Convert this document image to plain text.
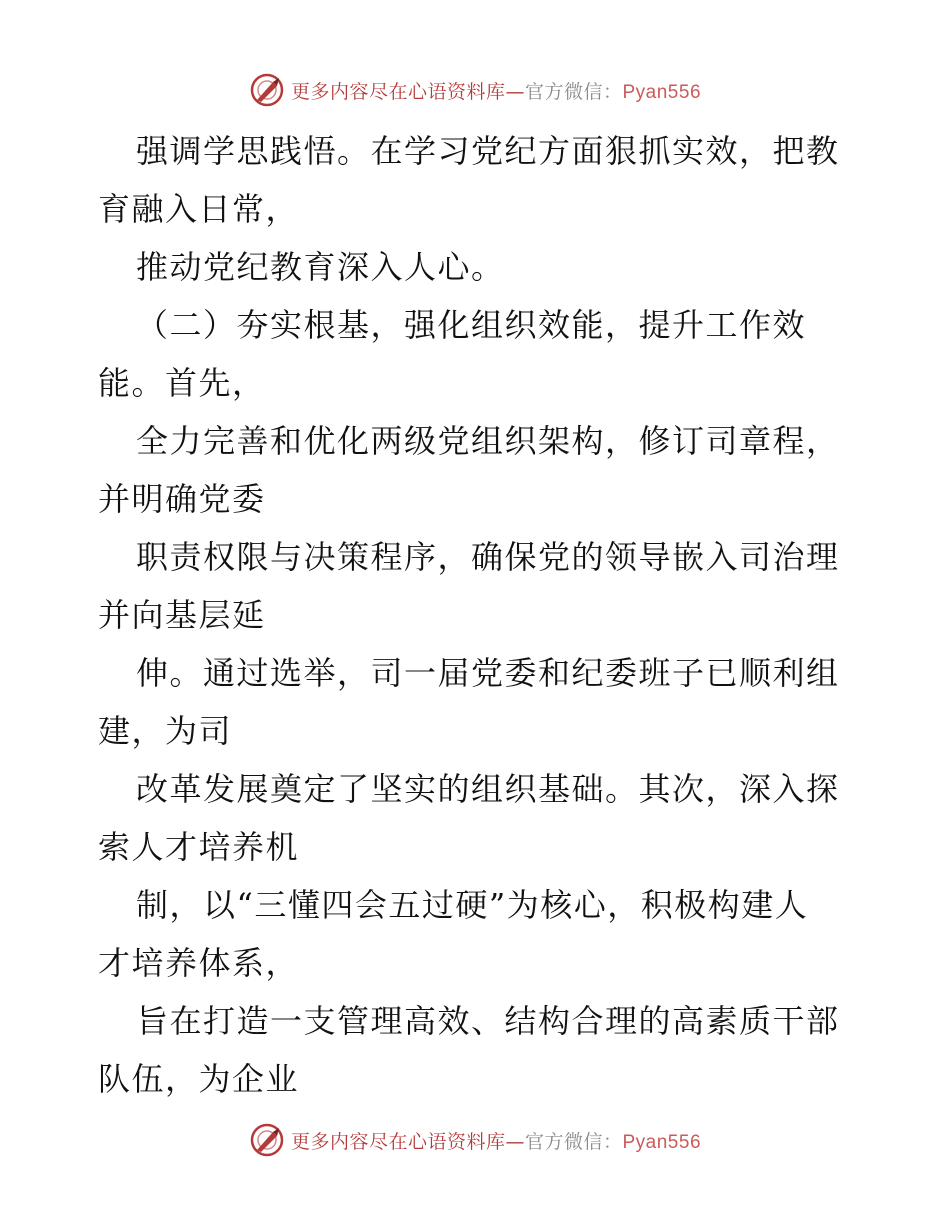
更多内容尽在心语资料库—官方微信：Pyan556
强调学思践悟。在学习党纪方面狠抓实效，把教
育融入日常，
推动党纪教育深入人心。
（二）夯实根基，强化组织效能，提升工作效
能。首先，
全力完善和优化两级党组织架构，修订司章程，
并明确党委
职责权限与决策程序，确保党的领导嵌入司治理
并向基层延
伸。通过选举，司一届党委和纪委班子已顺利组
建，为司
改革发展奠定了坚实的组织基础。其次，深入探
索人才培养机
制，以“三懂四会五过硬”为核心，积极构建人
才培养体系，
旨在打造一支管理高效、结构合理的高素质干部
队伍，为企业
更多内容尽在心语资料库—官方微信：Pyan556
